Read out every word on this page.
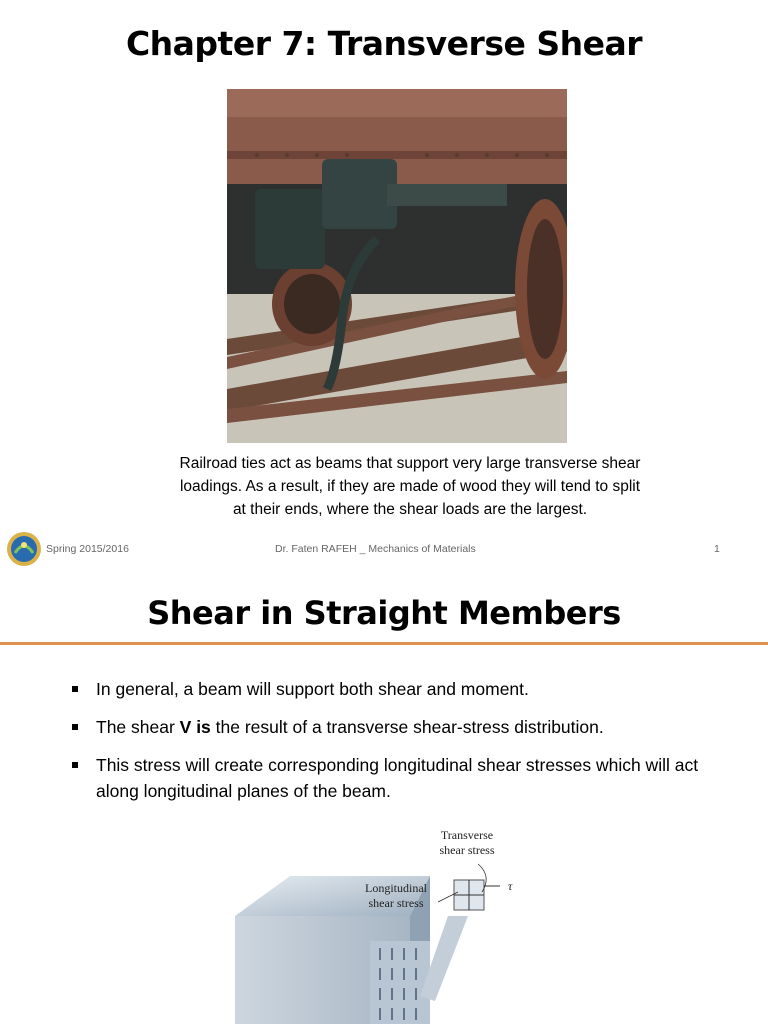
Chapter 7: Transverse Shear
Railroad ties act as beams that support very large transverse shear
loadings. As a result, if they are made of wood they will tend to split
at their ends, where the shear loads are the largest.
Spring 2015/2016	Dr. Faten RAFEH _ Mechanics of Materials	1
Shear in Straight Members
In general, a beam will support both shear and moment.
The shear V is the result of a transverse shear-stress distribution.
This stress will create corresponding longitudinal shear stresses which will act along longitudinal planes of the beam.
Transverse
shear stress
Longitudinal
shear stress
τ
